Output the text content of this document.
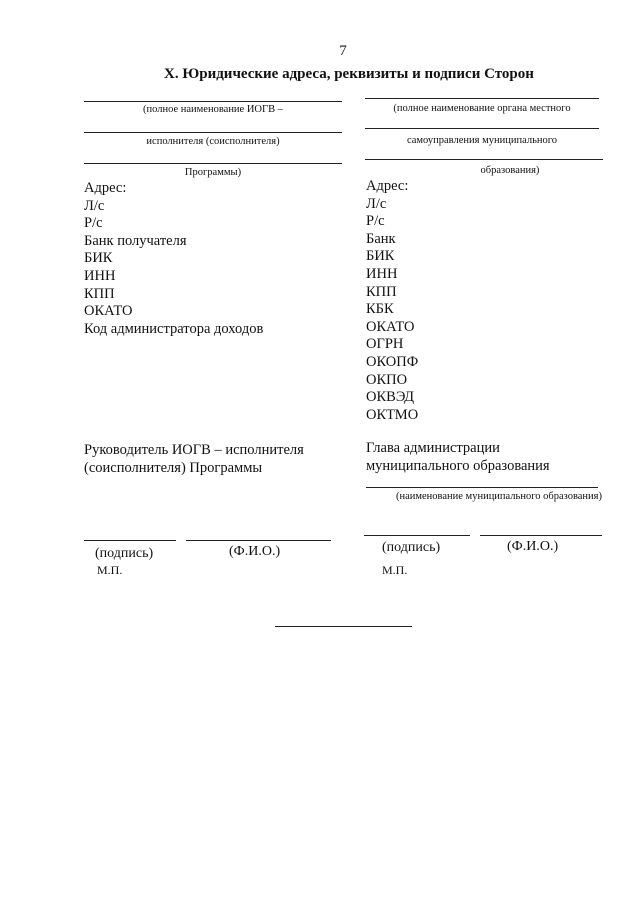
7
X. Юридические адреса, реквизиты и подписи Сторон
(полное наименование ИОГВ –
исполнителя (соисполнителя)
Программы)
(полное наименование органа местного
самоуправления муниципального
образования)
Адрес:
Л/с
Р/с
Банк получателя
БИК
ИНН
КПП
ОКАТО
Код администратора доходов
Адрес:
Л/с
Р/с
Банк
БИК
ИНН
КПП
КБК
ОКАТО
ОГРН
ОКОПФ
ОКПО
ОКВЭД
ОКТМО
Руководитель ИОГВ – исполнителя
(соисполнителя) Программы
Глава администрации
муниципального образования
(наименование муниципального образования)
(подпись)	(Ф.И.О.)
М.П.
(подпись)	(Ф.И.О.)
М.П.
